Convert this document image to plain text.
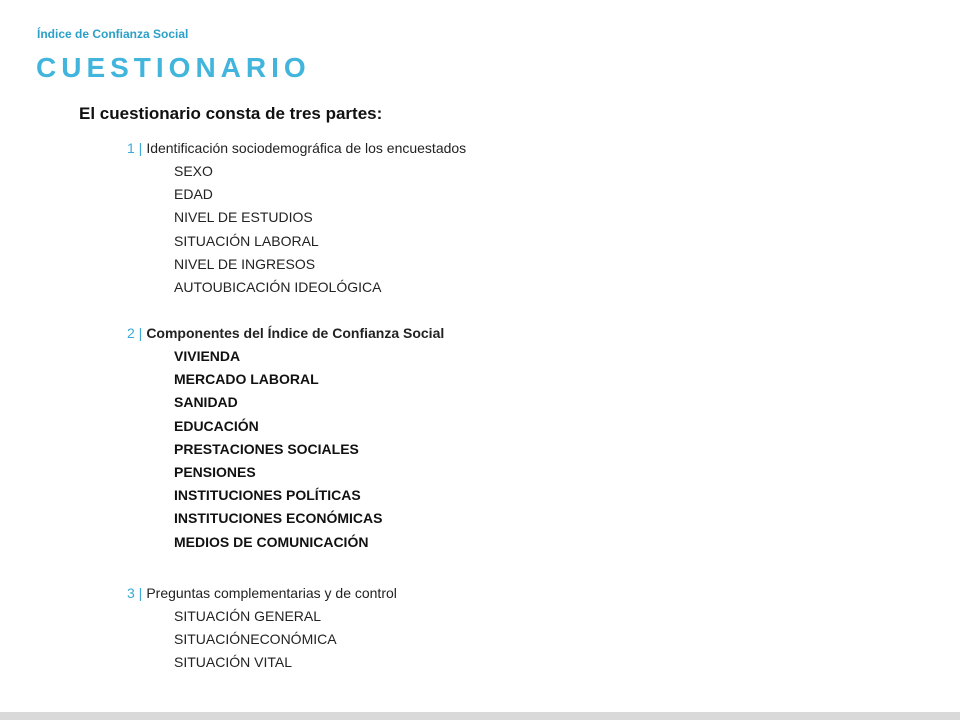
Índice de Confianza Social
CUESTIONARIO
El cuestionario consta de tres partes:
1 | Identificación sociodemográfica de los encuestados
SEXO
EDAD
NIVEL DE ESTUDIOS
SITUACIÓN LABORAL
NIVEL DE INGRESOS
AUTOUBICACIÓN IDEOLÓGICA
2 | Componentes del Índice de Confianza Social
VIVIENDA
MERCADO LABORAL
SANIDAD
EDUCACIÓN
PRESTACIONES SOCIALES
PENSIONES
INSTITUCIONES POLÍTICAS
INSTITUCIONES ECONÓMICAS
MEDIOS DE COMUNICACIÓN
3 | Preguntas complementarias y de control
SITUACIÓN GENERAL
SITUACIÓNECONÓMICA
SITUACIÓN VITAL
